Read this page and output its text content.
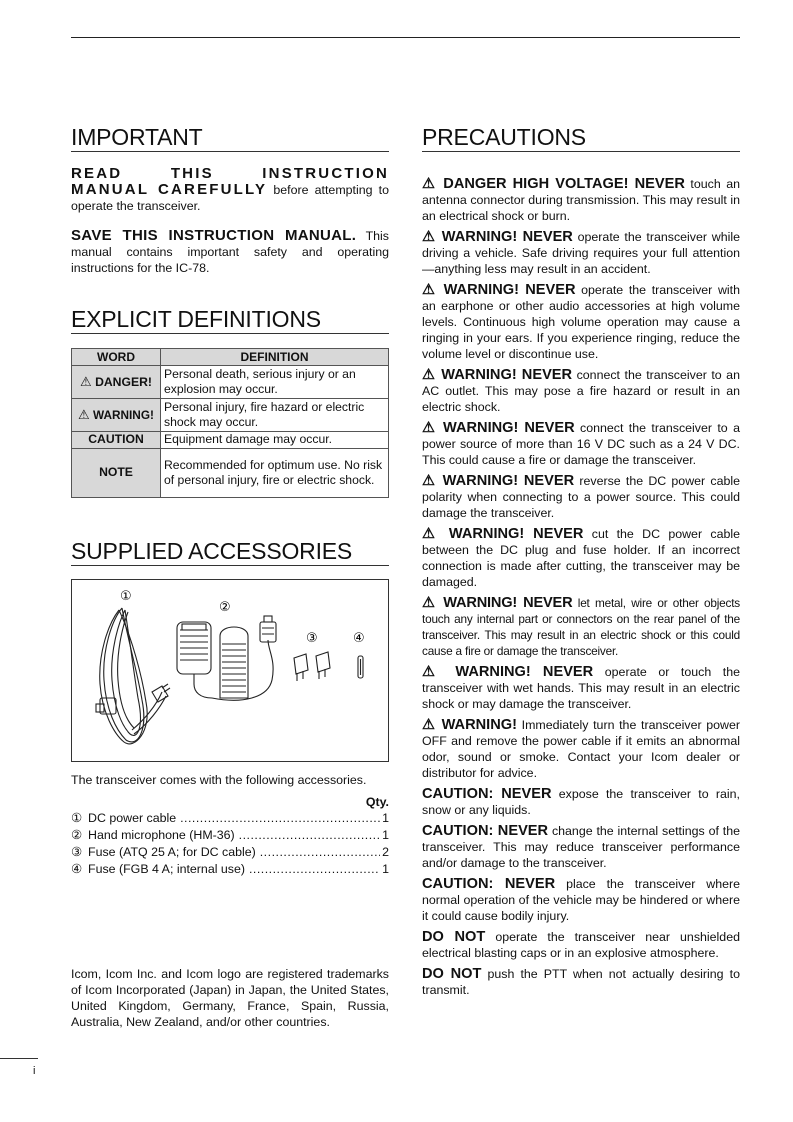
IMPORTANT

READ THIS INSTRUCTION MANUAL CAREFULLY before attempting to operate the transceiver.

SAVE THIS INSTRUCTION MANUAL. This manual contains important safety and operating instructions for the IC-78.

EXPLICIT DEFINITIONS
WORD	DEFINITION
⚠ DANGER!	Personal death, serious injury or an explosion may occur.
⚠ WARNING!	Personal injury, fire hazard or electric shock may occur.
CAUTION	Equipment damage may occur.
NOTE	Recommended for optimum use. No risk of personal injury, fire or electric shock.
SUPPLIED ACCESSORIES
①
②
③	④

The transceiver comes with the following accessories.

Qty.

① DC power cable .....	1
② Hand microphone (HM-36) .....	1
③ Fuse (ATQ 25 A; for DC cable) .....	2
④ Fuse (FGB 4 A; internal use) .....	1

Icom, Icom Inc. and Icom logo are registered trademarks of Icom Incorporated (Japan) in Japan, the United States, United Kingdom, Germany, France, Spain, Russia, Australia, New Zealand, and/or other countries.

PRECAUTIONS

⚠ DANGER HIGH VOLTAGE! NEVER touch an antenna connector during transmission. This may result in an electrical shock or burn.

⚠ WARNING! NEVER operate the transceiver while driving a vehicle. Safe driving requires your full attention—anything less may result in an accident.

⚠ WARNING! NEVER operate the transceiver with an earphone or other audio accessories at high volume levels. Continuous high volume operation may cause a ringing in your ears. If you experience ringing, reduce the volume level or discontinue use.

⚠ WARNING! NEVER connect the transceiver to an AC outlet. This may pose a fire hazard or result in an electric shock.

⚠ WARNING! NEVER connect the transceiver to a power source of more than 16 V DC such as a 24 V DC. This could cause a fire or damage the transceiver.

⚠ WARNING! NEVER reverse the DC power cable polarity when connecting to a power source. This could damage the transceiver.

⚠ WARNING! NEVER cut the DC power cable between the DC plug and fuse holder. If an incorrect connection is made after cutting, the transceiver may be damaged.

⚠ WARNING! NEVER let metal, wire or other objects touch any internal part or connectors on the rear panel of the transceiver. This may result in an electric shock or this could cause a fire or damage the transceiver.

⚠ WARNING! NEVER operate or touch the transceiver with wet hands. This may result in an electric shock or may damage the transceiver.

⚠ WARNING! Immediately turn the transceiver power OFF and remove the power cable if it emits an abnormal odor, sound or smoke. Contact your Icom dealer or distributor for advice.

CAUTION: NEVER expose the transceiver to rain, snow or any liquids.

CAUTION: NEVER change the internal settings of the transceiver. This may reduce transceiver performance and/or damage to the transceiver.

CAUTION: NEVER place the transceiver where normal operation of the vehicle may be hindered or where it could cause bodily injury.

DO NOT operate the transceiver near unshielded electrical blasting caps or in an explosive atmosphere.

DO NOT push the PTT when not actually desiring to transmit.

i
